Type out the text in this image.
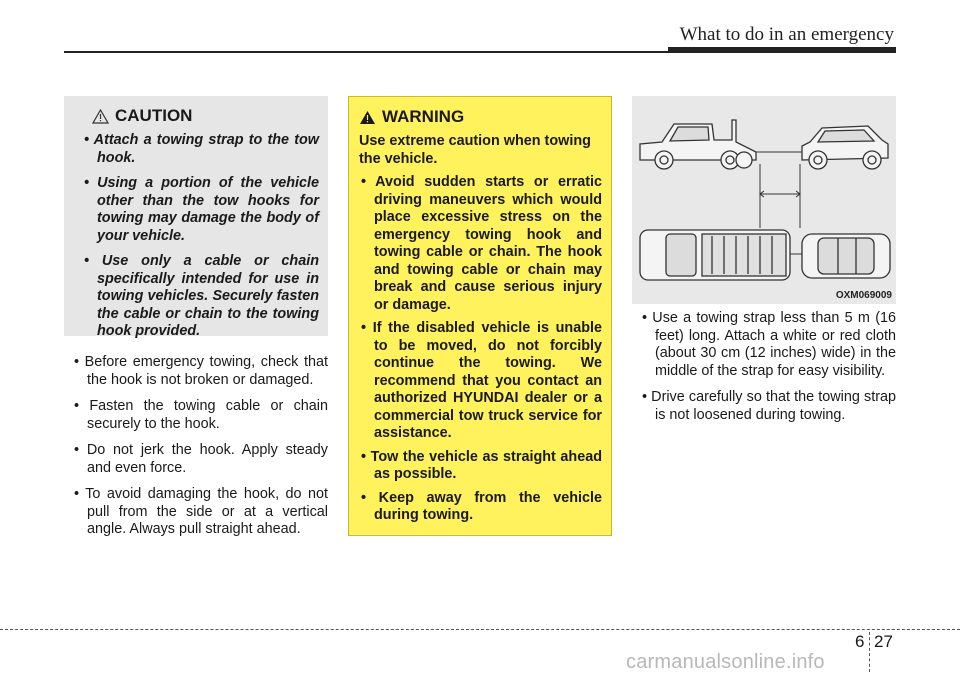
What to do in an emergency
CAUTION
• Attach a towing strap to the tow hook.
• Using a portion of the vehicle other than the tow hooks for towing may damage the body of your vehicle.
• Use only a cable or chain specifically intended for use in towing vehicles. Securely fasten the cable or chain to the towing hook provided.
• Before emergency towing, check that the hook is not broken or damaged.
• Fasten the towing cable or chain securely to the hook.
• Do not jerk the hook. Apply steady and even force.
• To avoid damaging the hook, do not pull from the side or at a vertical angle. Always pull straight ahead.
WARNING

Use extreme caution when towing the vehicle.

• Avoid sudden starts or erratic driving maneuvers which would place excessive stress on the emergency towing hook and towing cable or chain. The hook and towing cable or chain may break and cause serious injury or damage.
• If the disabled vehicle is unable to be moved, do not forcibly continue the towing. We recommend that you contact an authorized HYUNDAI dealer or a commercial tow truck service for assistance.
• Tow the vehicle as straight ahead as possible.
• Keep away from the vehicle during towing.
OXM069009
• Use a towing strap less than 5 m (16 feet) long. Attach a white or red cloth (about 30 cm (12 inches) wide) in the middle of the strap for easy visibility.
• Drive carefully so that the towing strap is not loosened during towing.
6 27
carmanualsonline.info
